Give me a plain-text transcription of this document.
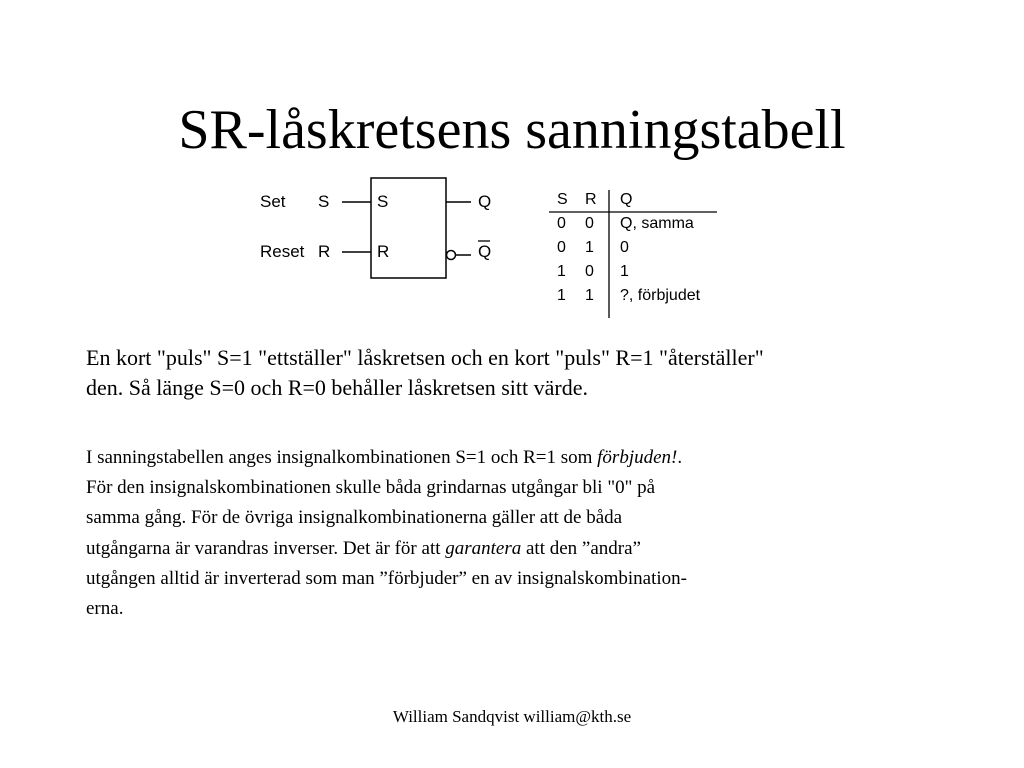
SR-låskretsens sanningstabell
Set S
Reset R
S
R
Q
Q
S R Q
0 0 Q, samma
0 1 0
1 0 1
1 1 ?, förbjudet
En kort "puls" S=1 "ettställer" låskretsen och en kort "puls" R=1 "återställer"
den. Så länge S=0 och R=0 behåller låskretsen sitt värde.
I sanningstabellen anges insignalkombinationen S=1 och R=1 som förbjuden!.
För den insignalskombinationen skulle båda grindarnas utgångar bli "0" på
samma gång. För de övriga insignalkombinationerna gäller att de båda
utgångarna är varandras inverser. Det är för att garantera att den ”andra”
utgången alltid är inverterad som man ”förbjuder” en av insignalskombination-
erna.
William Sandqvist william@kth.se
